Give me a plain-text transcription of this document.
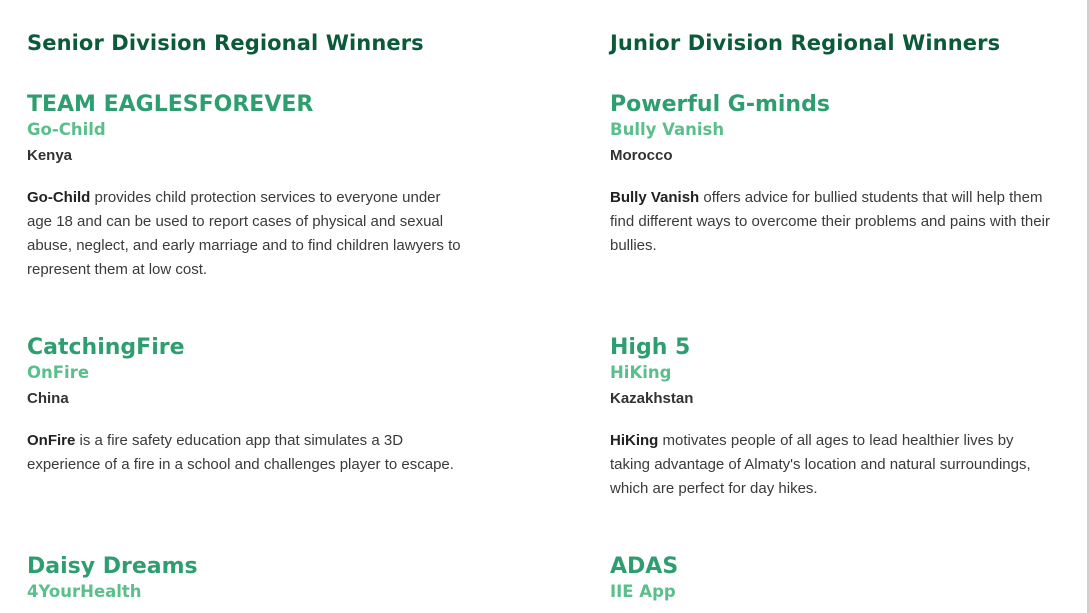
Senior Division Regional Winners
TEAM EAGLESFOREVER
Go-Child
Kenya
Go-Child provides child protection services to everyone under age 18 and can be used to report cases of physical and sexual abuse, neglect, and early marriage and to find children lawyers to represent them at low cost.
CatchingFire
OnFire
China
OnFire is a fire safety education app that simulates a 3D experience of a fire in a school and challenges player to escape.
Daisy Dreams
4YourHealth
Junior Division Regional Winners
Powerful G-minds
Bully Vanish
Morocco
Bully Vanish offers advice for bullied students that will help them find different ways to overcome their problems and pains with their bullies.
High 5
HiKing
Kazakhstan
HiKing motivates people of all ages to lead healthier lives by taking advantage of Almaty's location and natural surroundings, which are perfect for day hikes.
ADAS
IIE App
